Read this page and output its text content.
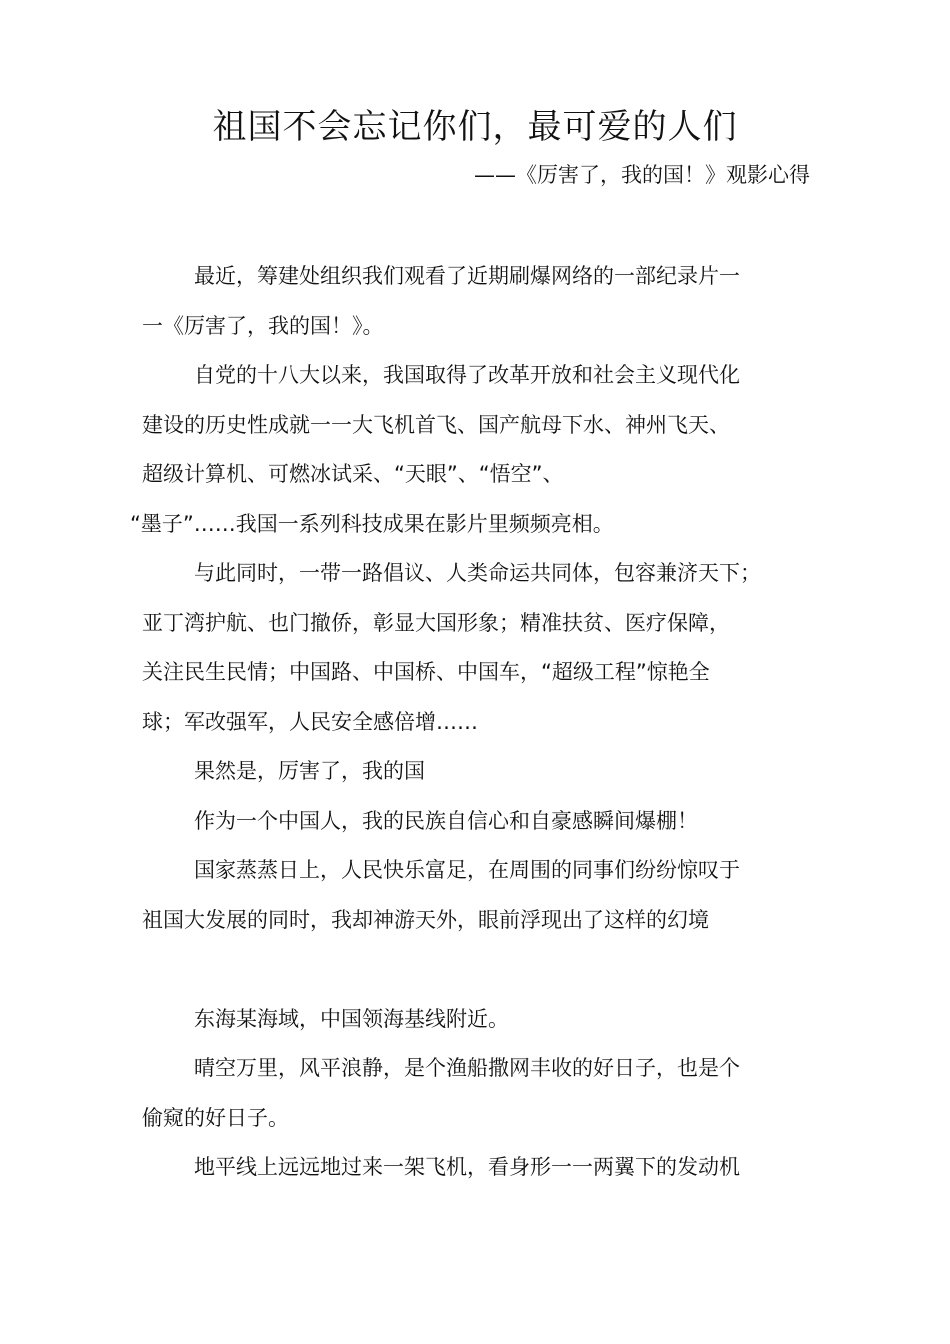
祖国不会忘记你们，最可爱的人们
——《厉害了，我的国！》观影心得

最近，筹建处组织我们观看了近期刷爆网络的一部纪录片一
一《厉害了，我的国！》。

自党的十八大以来，我国取得了改革开放和社会主义现代化
建设的历史性成就一一大飞机首飞、国产航母下水、神州飞天、
超级计算机、可燃冰试采、“天眼”、“悟空”、
“墨子”……我国一系列科技成果在影片里频频亮相。

与此同时，一带一路倡议、人类命运共同体，包容兼济天下；
亚丁湾护航、也门撤侨，彰显大国形象；精准扶贫、医疗保障，
关注民生民情；中国路、中国桥、中国车，“超级工程”惊艳全
球；军改强军，人民安全感倍增……

果然是，厉害了，我的国

作为一个中国人，我的民族自信心和自豪感瞬间爆棚！

国家蒸蒸日上，人民快乐富足，在周围的同事们纷纷惊叹于
祖国大发展的同时，我却神游天外，眼前浮现出了这样的幻境

东海某海域，中国领海基线附近。

晴空万里，风平浪静，是个渔船撒网丰收的好日子，也是个
偷窥的好日子。

地平线上远远地过来一架飞机，看身形一一两翼下的发动机
